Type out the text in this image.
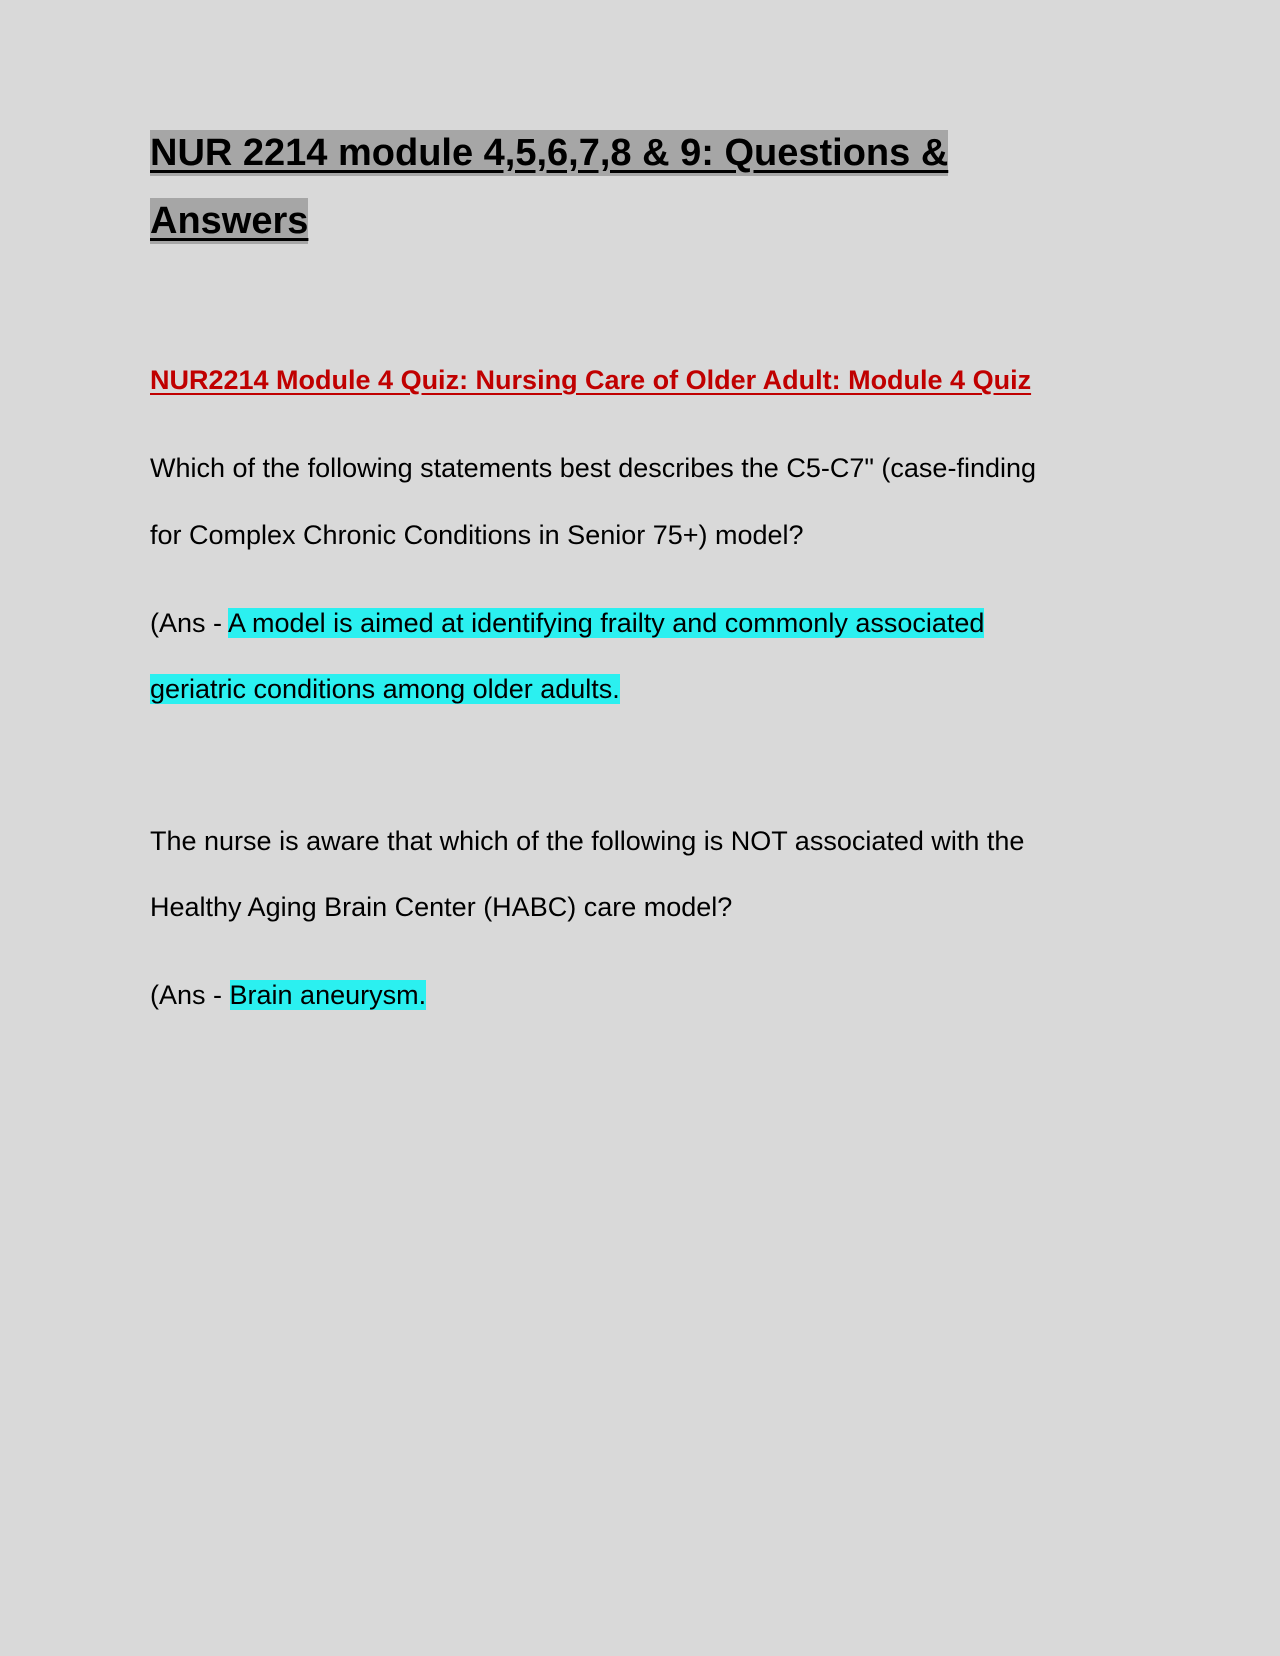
NUR 2214 module 4,5,6,7,8 & 9: Questions & Answers
NUR2214 Module 4 Quiz: Nursing Care of Older Adult: Module 4 Quiz

Which of the following statements best describes the C5-C7" (case-finding for Complex Chronic Conditions in Senior 75+) model?

(Ans - A model is aimed at identifying frailty and commonly associated geriatric conditions among older adults.

The nurse is aware that which of the following is NOT associated with the Healthy Aging Brain Center (HABC) care model?

(Ans - Brain aneurysm.
